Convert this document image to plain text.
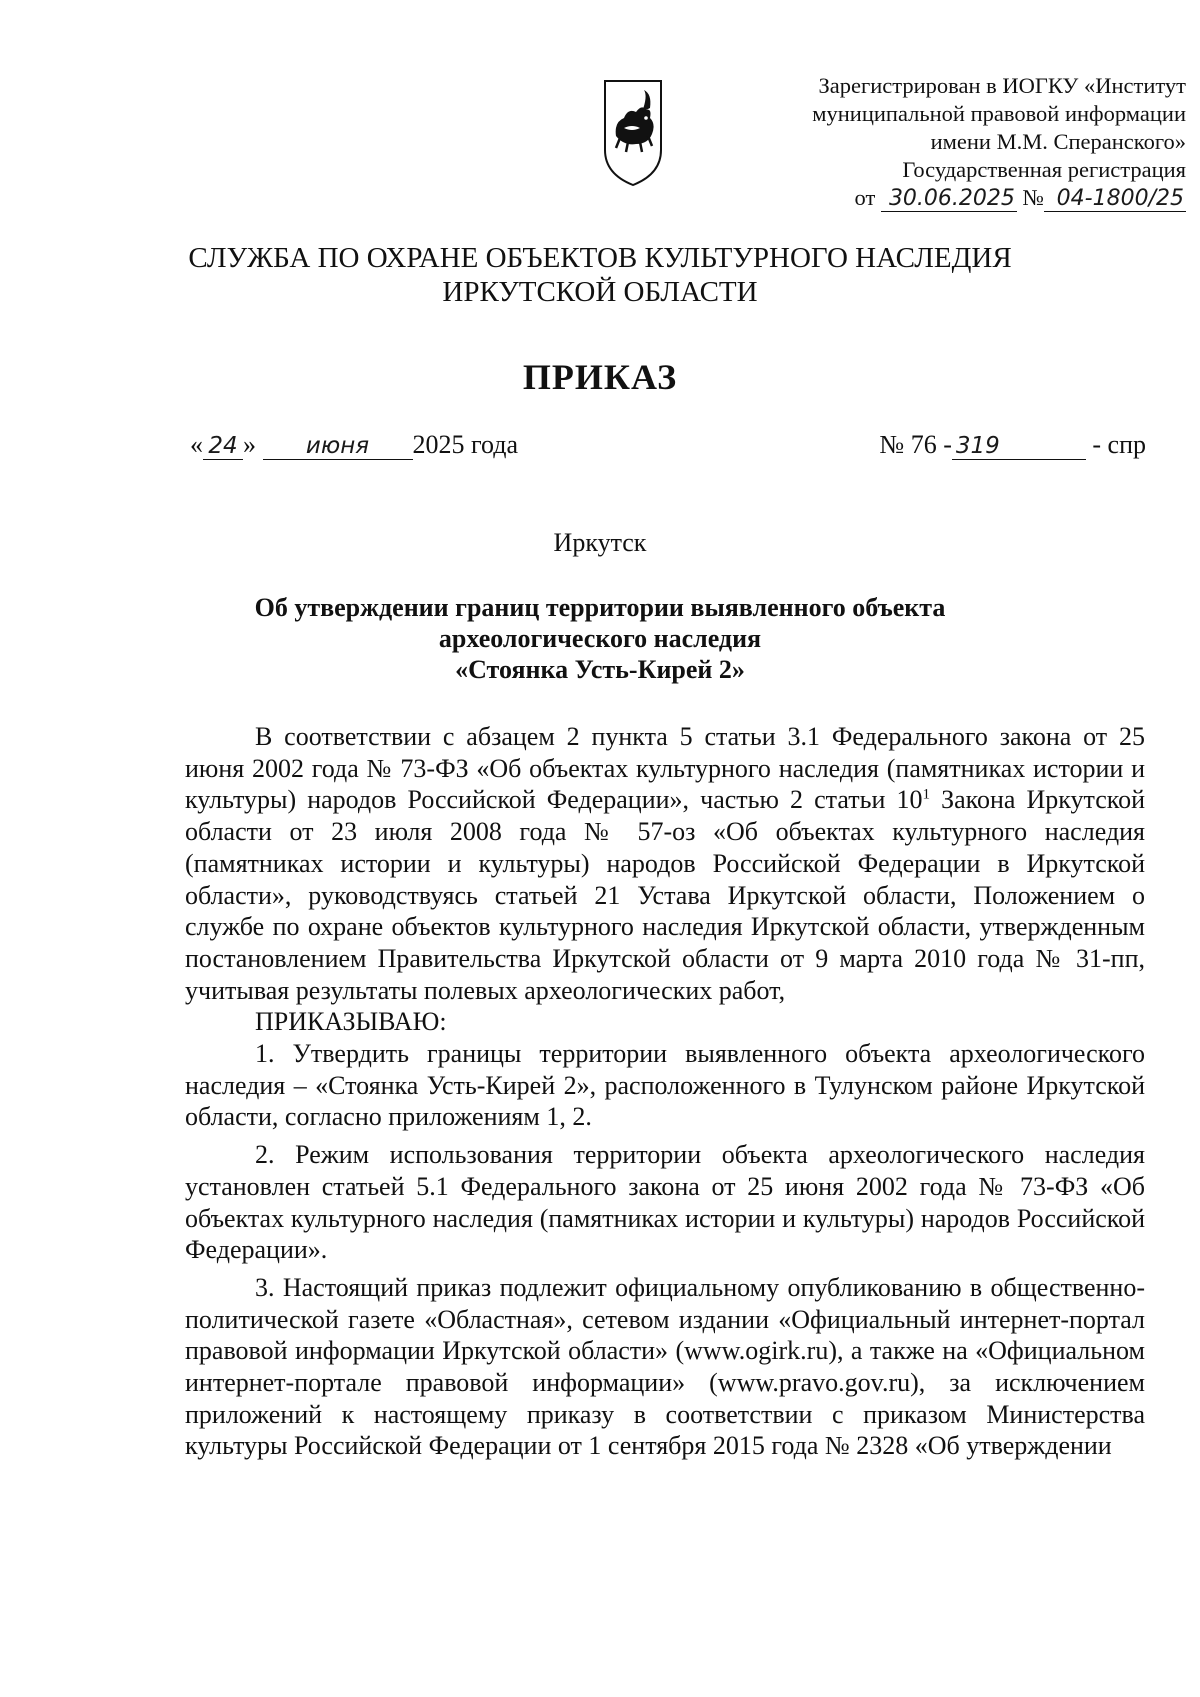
Зарегистрирован в ИОГКУ «Институт
муниципальной правовой информации
имени М.М. Сперанского»
Государственная регистрация
от 30.06.2025 № 04-1800/25
СЛУЖБА ПО ОХРАНЕ ОБЪЕКТОВ КУЛЬТУРНОГО НАСЛЕДИЯ
ИРКУТСКОЙ ОБЛАСТИ
ПРИКАЗ
« 24 » июня 2025 года	№ 76 - 319	- спр
Иркутск
Об утверждении границ территории выявленного объекта
археологического наследия
«Стоянка Усть-Кирей 2»

В соответствии с абзацем 2 пункта 5 статьи 3.1 Федерального закона от 25 июня 2002 года № 73-ФЗ «Об объектах культурного наследия (памятниках истории и культуры) народов Российской Федерации», частью 2 статьи $10^1$ Закона Иркутской области от 23 июля 2008 года № 57-оз «Об объектах культурного наследия (памятниках истории и культуры) народов Российской Федерации в Иркутской области», руководствуясь статьей 21 Устава Иркутской области, Положением о службе по охране объектов культурного наследия Иркутской области, утвержденным постановлением Правительства Иркутской области от 9 марта 2010 года № 31-пп, учитывая результаты полевых археологических работ,

ПРИКАЗЫВАЮ:

1. Утвердить границы территории выявленного объекта археологического наследия – «Стоянка Усть-Кирей 2», расположенного в Тулунском районе Иркутской области, согласно приложениям 1, 2.

2. Режим использования территории объекта археологического наследия установлен статьей 5.1 Федерального закона от 25 июня 2002 года № 73-ФЗ «Об объектах культурного наследия (памятниках истории и культуры) народов Российской Федерации».

3. Настоящий приказ подлежит официальному опубликованию в общественно-политической газете «Областная», сетевом издании «Официальный интернет-портал правовой информации Иркутской области» (www.ogirk.ru), а также на «Официальном интернет-портале правовой информации» (www.pravo.gov.ru), за исключением приложений к настоящему приказу в соответствии с приказом Министерства культуры Российской Федерации от 1 сентября 2015 года № 2328 «Об утверждении
